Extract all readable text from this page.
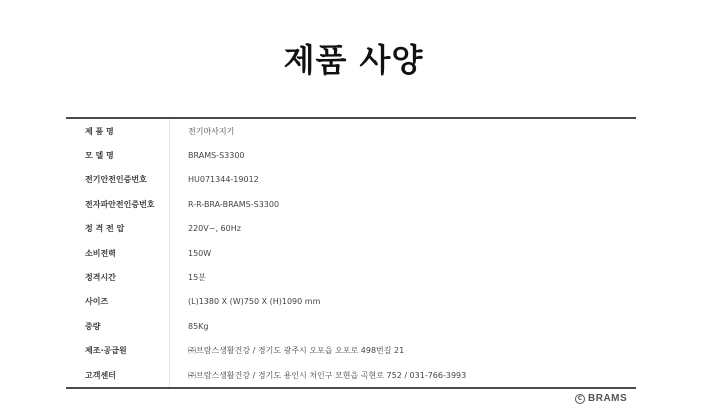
제품 사양
제 품 명	전기마사지기
모 델 명	BRAMS-S3300
전기안전인증번호	HU071344-19012
전자파안전인증번호	R-R-BRA-BRAMS-S3300
정 격 전 압	220V~, 60Hz
소비전력	150W
정격시간	15분
사이즈	(L)1380 X (W)750 X (H)1090 mm
중량	85Kg
제조·공급원	㈜브람스생활건강 / 경기도 광주시 오포읍 오포로 498번길 21
고객센터	㈜브람스생활건강 / 경기도 용인시 처인구 모현읍 곡현로 752 / 031-766-3993
C BRAMS
